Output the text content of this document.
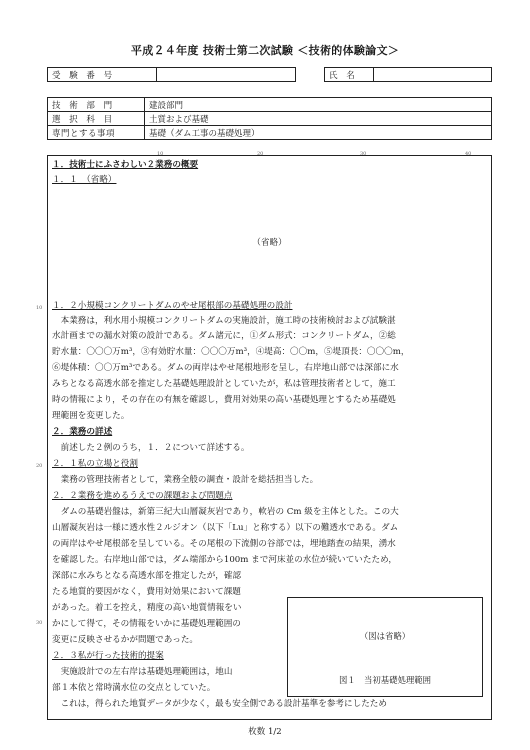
平成２４年度 技術士第二次試験 ＜技術的体験論文＞
受 験 番 号			氏 名	
技 術 部 門	建設部門
選 択 科 目	土質および基礎
専門とする事項	基礎（ダム工事の基礎処理）
10	20	30	40
10
20
30
１．技術士にふさわしい２業務の概要
１．１　（省略）
（省略）
１．２小規模コンクリートダムのやせ尾根部の基礎処理の設計
　本業務は，利水用小規模コンクリートダムの実施設計，施工時の技術検討および試験湛
水計画までの漏水対策の設計である。ダム諸元に，①ダム形式：コンクリートダム，②総
貯水量：〇〇〇万m³，③有効貯水量：〇〇〇万m³，④堤高：〇〇m，⑤堤頂長：〇〇〇m，
⑥堤体積：〇〇万m³である。ダムの両岸はやせ尾根地形を呈し，右岸地山部では深部に水
みちとなる高透水部を推定した基礎処理設計としていたが，私は管理技術者として，施工
時の情報により，その存在の有無を確認し，費用対効果の高い基礎処理とするため基礎処
理範囲を変更した。
２．業務の詳述
　前述した２例のうち，１．２について詳述する。
２．１私の立場と役割
　業務の管理技術者として，業務全般の調査・設計を総括担当した。
２．２業務を進めるうえでの課題および問題点
　ダムの基礎岩盤は，新第三紀大山層凝灰岩であり，軟岩の Cm 級を主体とした。この大
山層凝灰岩は一様に透水性２ルジオン（以下「Lu」と称する）以下の難透水である。ダム
の両岸はやせ尾根部を呈している。その尾根の下流側の谷部では，埋地踏査の結果，湧水
を確認した。右岸地山部では，ダム端部から100m まで河床並の水位が続いていたため，
深部に水みちとなる高透水部を推定したが，確認
たる地質的要因がなく，費用対効果において課題
があった。着工を控え，精度の高い地質情報をい
かにして得て，その情報をいかに基礎処理範囲の
変更に反映させるかが問題であった。
２．３私が行った技術的提案
　実施設計での左右岸は基礎処理範囲は，地山
部１本依と常時満水位の交点としていた。
　これは，得られた地質データが少なく，最も安全側である設計基準を参考にしたため
（図は省略）
図１　当初基礎処理範囲
枚数 1/2
